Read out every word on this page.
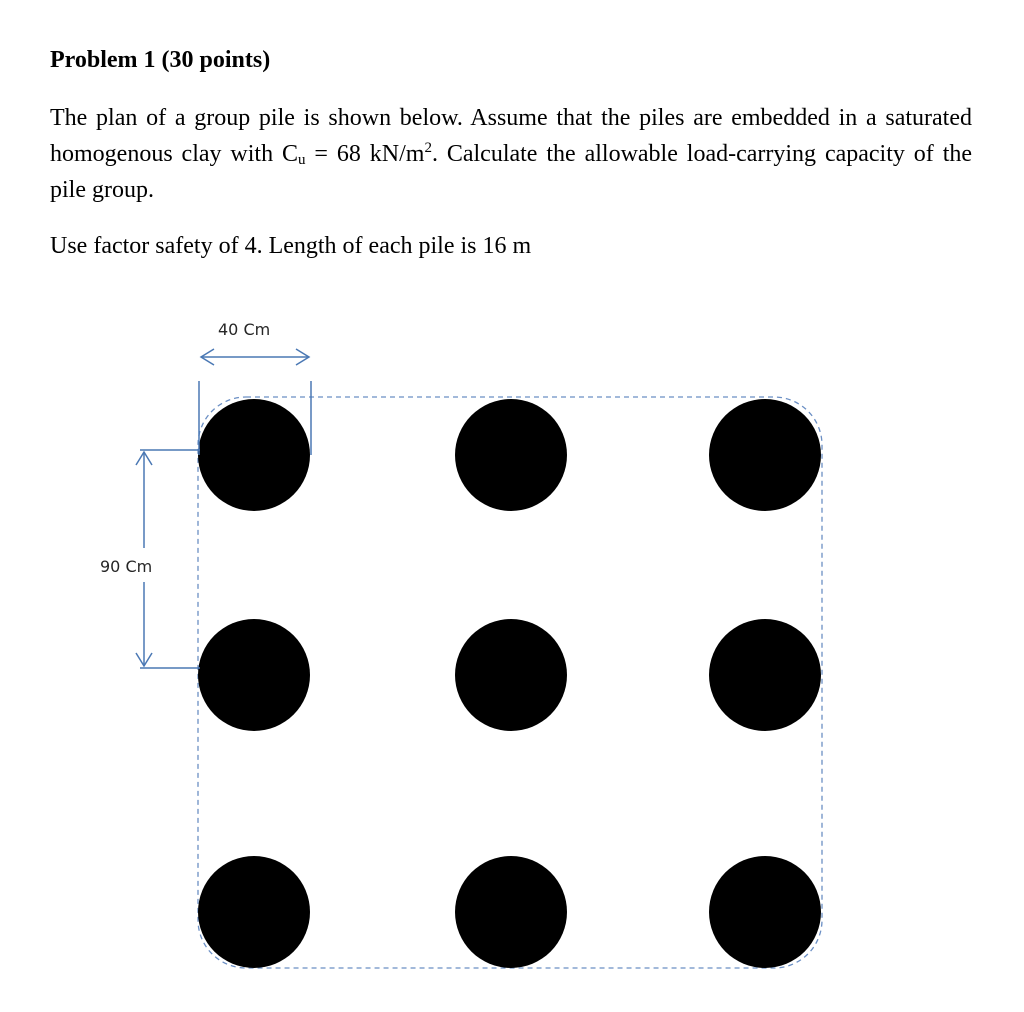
Problem 1 (30 points)
The plan of a group pile is shown below. Assume that the piles are embedded in a saturated homogenous clay with $C_u = 68$ $kN/m^2$. Calculate the allowable load-carrying capacity of the pile group.
Use factor safety of 4. Length of each pile is 16 m
40 Cm
90 Cm
